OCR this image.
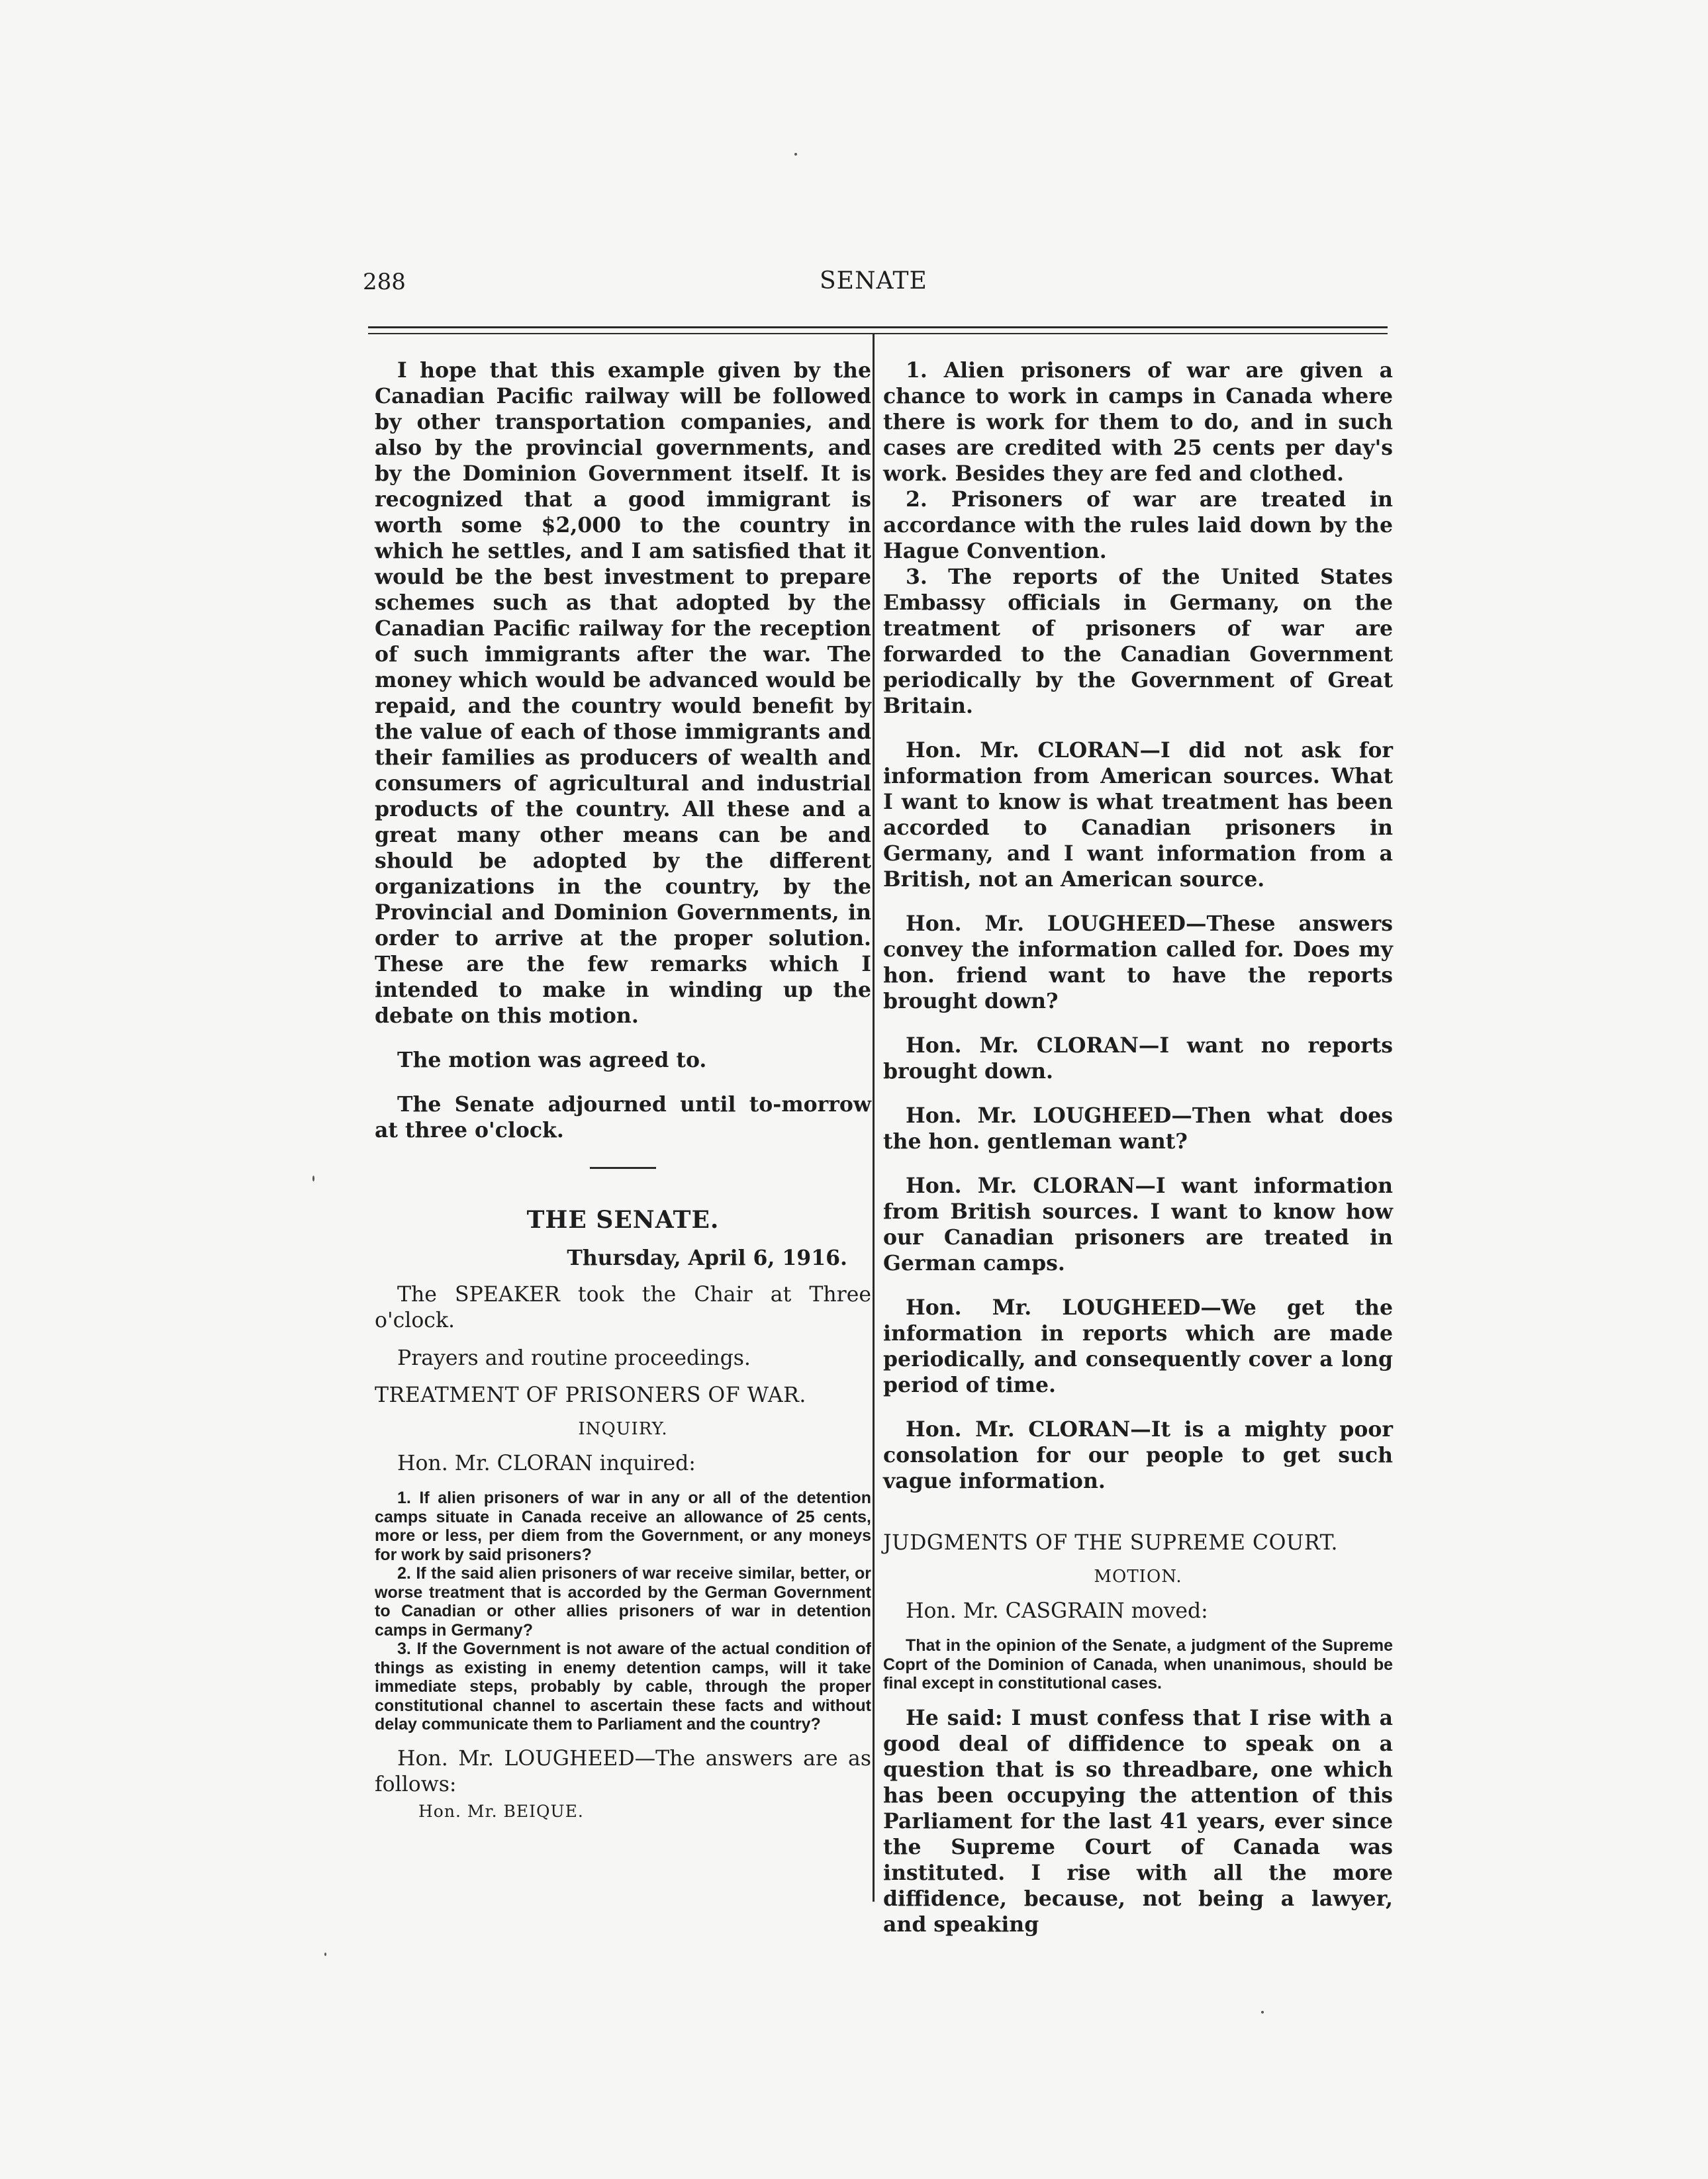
288	SENATE

I hope that this example given by the Canadian Pacific railway will be followed by other transportation companies, and also by the provincial governments, and by the Dominion Government itself. It is recognized that a good immigrant is worth some $2,000 to the country in which he settles, and I am satisfied that it would be the best investment to prepare schemes such as that adopted by the Canadian Pacific railway for the reception of such immigrants after the war. The money which would be advanced would be repaid, and the country would benefit by the value of each of those immigrants and their families as producers of wealth and consumers of agricultural and industrial products of the country. All these and a great many other means can be and should be adopted by the different organizations in the country, by the Provincial and Dominion Governments, in order to arrive at the proper solution. These are the few remarks which I intended to make in winding up the debate on this motion.

The motion was agreed to.

The Senate adjourned until to-morrow at three o'clock.

THE SENATE.

Thursday, April 6, 1916.

The SPEAKER took the Chair at Three o'clock.

Prayers and routine proceedings.

TREATMENT OF PRISONERS OF WAR.

INQUIRY.

Hon. Mr. CLORAN inquired:

1. If alien prisoners of war in any or all of the detention camps situate in Canada receive an allowance of 25 cents, more or less, per diem from the Government, or any moneys for work by said prisoners?

2. If the said alien prisoners of war receive similar, better, or worse treatment that is accorded by the German Government to Canadian or other allies prisoners of war in detention camps in Germany?

3. If the Government is not aware of the actual condition of things as existing in enemy detention camps, will it take immediate steps, probably by cable, through the proper constitutional channel to ascertain these facts and without delay communicate them to Parliament and the country?

Hon. Mr. LOUGHEED—The answers are as follows:

Hon. Mr. BEIQUE.

1. Alien prisoners of war are given a chance to work in camps in Canada where there is work for them to do, and in such cases are credited with 25 cents per day's work. Besides they are fed and clothed.

2. Prisoners of war are treated in accordance with the rules laid down by the Hague Convention.

3. The reports of the United States Embassy officials in Germany, on the treatment of prisoners of war are forwarded to the Canadian Government periodically by the Government of Great Britain.

Hon. Mr. CLORAN—I did not ask for information from American sources. What I want to know is what treatment has been accorded to Canadian prisoners in Germany, and I want information from a British, not an American source.

Hon. Mr. LOUGHEED—These answers convey the information called for. Does my hon. friend want to have the reports brought down?

Hon. Mr. CLORAN—I want no reports brought down.

Hon. Mr. LOUGHEED—Then what does the hon. gentleman want?

Hon. Mr. CLORAN—I want information from British sources. I want to know how our Canadian prisoners are treated in German camps.

Hon. Mr. LOUGHEED—We get the information in reports which are made periodically, and consequently cover a long period of time.

Hon. Mr. CLORAN—It is a mighty poor consolation for our people to get such vague information.

JUDGMENTS OF THE SUPREME COURT.

MOTION.

Hon. Mr. CASGRAIN moved:

That in the opinion of the Senate, a judgment of the Supreme Coprt of the Dominion of Canada, when unanimous, should be final except in constitutional cases.

He said: I must confess that I rise with a good deal of diffidence to speak on a question that is so threadbare, one which has been occupying the attention of this Parliament for the last 41 years, ever since the Supreme Court of Canada was instituted. I rise with all the more diffidence, because, not being a lawyer, and speaking
